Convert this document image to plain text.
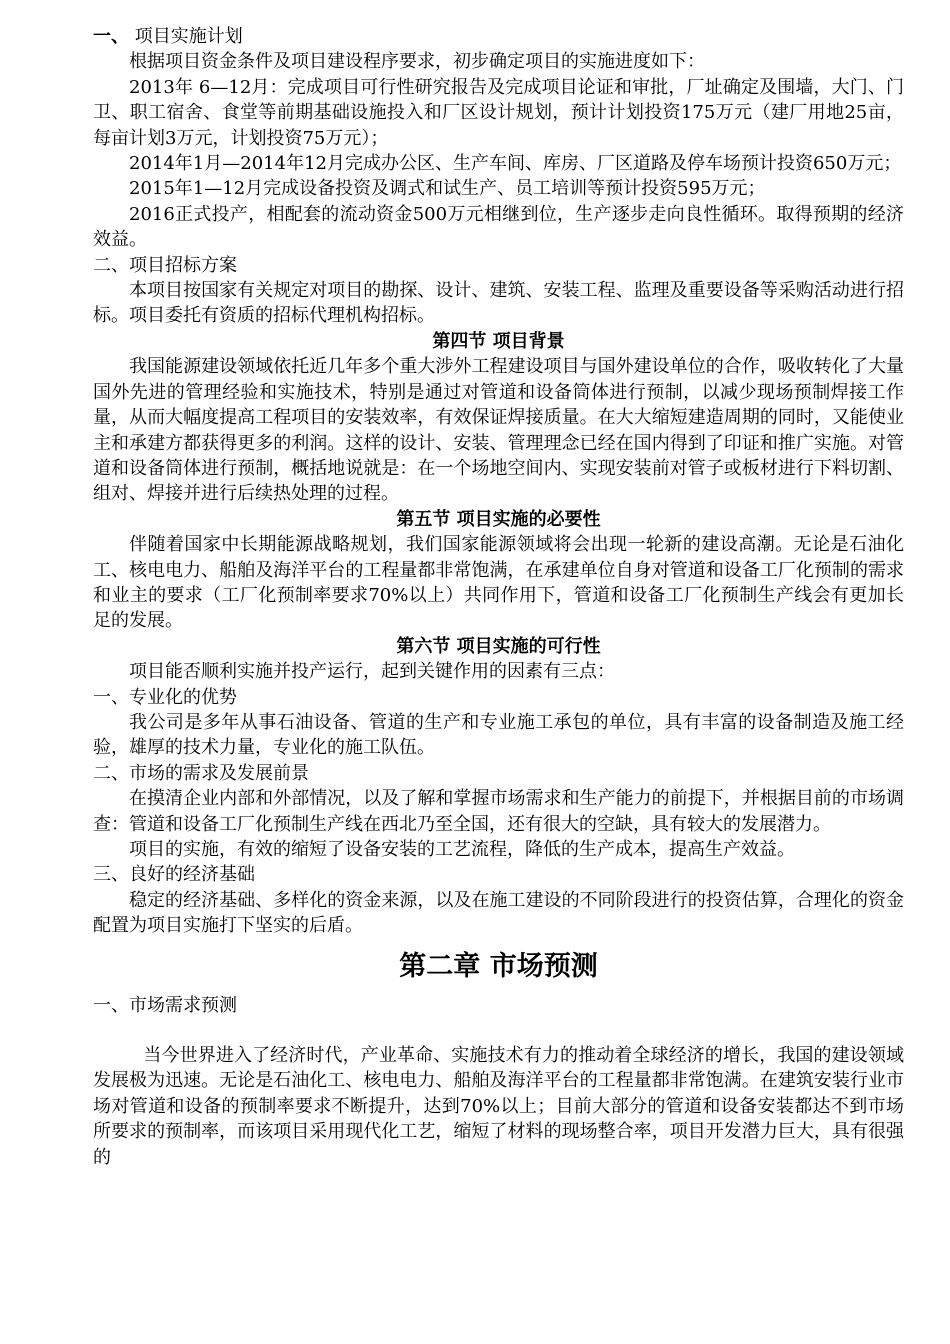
一、 项目实施计划

根据项目资金条件及项目建设程序要求，初步确定项目的实施进度如下：

2013年 6—12月：完成项目可行性研究报告及完成项目论证和审批，厂址确定及围墙，大门、门卫、职工宿舍、食堂等前期基础设施投入和厂区设计规划，预计计划投资175万元（建厂用地25亩，每亩计划3万元，计划投资75万元）；

2014年1月—2014年12月完成办公区、生产车间、库房、厂区道路及停车场预计投资650万元；

2015年1—12月完成设备投资及调式和试生产、员工培训等预计投资595万元；

2016正式投产，相配套的流动资金500万元相继到位，生产逐步走向良性循环。取得预期的经济效益。

二、项目招标方案

本项目按国家有关规定对项目的勘探、设计、建筑、安装工程、监理及重要设备等采购活动进行招标。项目委托有资质的招标代理机构招标。

第四节 项目背景

我国能源建设领域依托近几年多个重大涉外工程建设项目与国外建设单位的合作，吸收转化了大量国外先进的管理经验和实施技术，特别是通过对管道和设备筒体进行预制，以减少现场预制焊接工作量，从而大幅度提高工程项目的安装效率，有效保证焊接质量。在大大缩短建造周期的同时，又能使业主和承建方都获得更多的利润。这样的设计、安装、管理理念已经在国内得到了印证和推广实施。对管道和设备筒体进行预制，概括地说就是：在一个场地空间内、实现安装前对管子或板材进行下料切割、组对、焊接并进行后续热处理的过程。

第五节 项目实施的必要性

伴随着国家中长期能源战略规划，我们国家能源领域将会出现一轮新的建设高潮。无论是石油化工、核电电力、船舶及海洋平台的工程量都非常饱满，在承建单位自身对管道和设备工厂化预制的需求和业主的要求（工厂化预制率要求70%以上）共同作用下，管道和设备工厂化预制生产线会有更加长足的发展。

第六节 项目实施的可行性

项目能否顺利实施并投产运行，起到关键作用的因素有三点：

一、专业化的优势

我公司是多年从事石油设备、管道的生产和专业施工承包的单位，具有丰富的设备制造及施工经验，雄厚的技术力量，专业化的施工队伍。

二、市场的需求及发展前景

在摸清企业内部和外部情况，以及了解和掌握市场需求和生产能力的前提下，并根据目前的市场调查：管道和设备工厂化预制生产线在西北乃至全国，还有很大的空缺，具有较大的发展潜力。

项目的实施，有效的缩短了设备安装的工艺流程，降低的生产成本，提高生产效益。

三、良好的经济基础

稳定的经济基础、多样化的资金来源，以及在施工建设的不同阶段进行的投资估算，合理化的资金配置为项目实施打下坚实的后盾。

第二章 市场预测

一、市场需求预测

当今世界进入了经济时代，产业革命、实施技术有力的推动着全球经济的增长，我国的建设领域发展极为迅速。无论是石油化工、核电电力、船舶及海洋平台的工程量都非常饱满。在建筑安装行业市场对管道和设备的预制率要求不断提升，达到70%以上；目前大部分的管道和设备安装都达不到市场所要求的预制率，而该项目采用现代化工艺，缩短了材料的现场整合率，项目开发潜力巨大，具有很强的
